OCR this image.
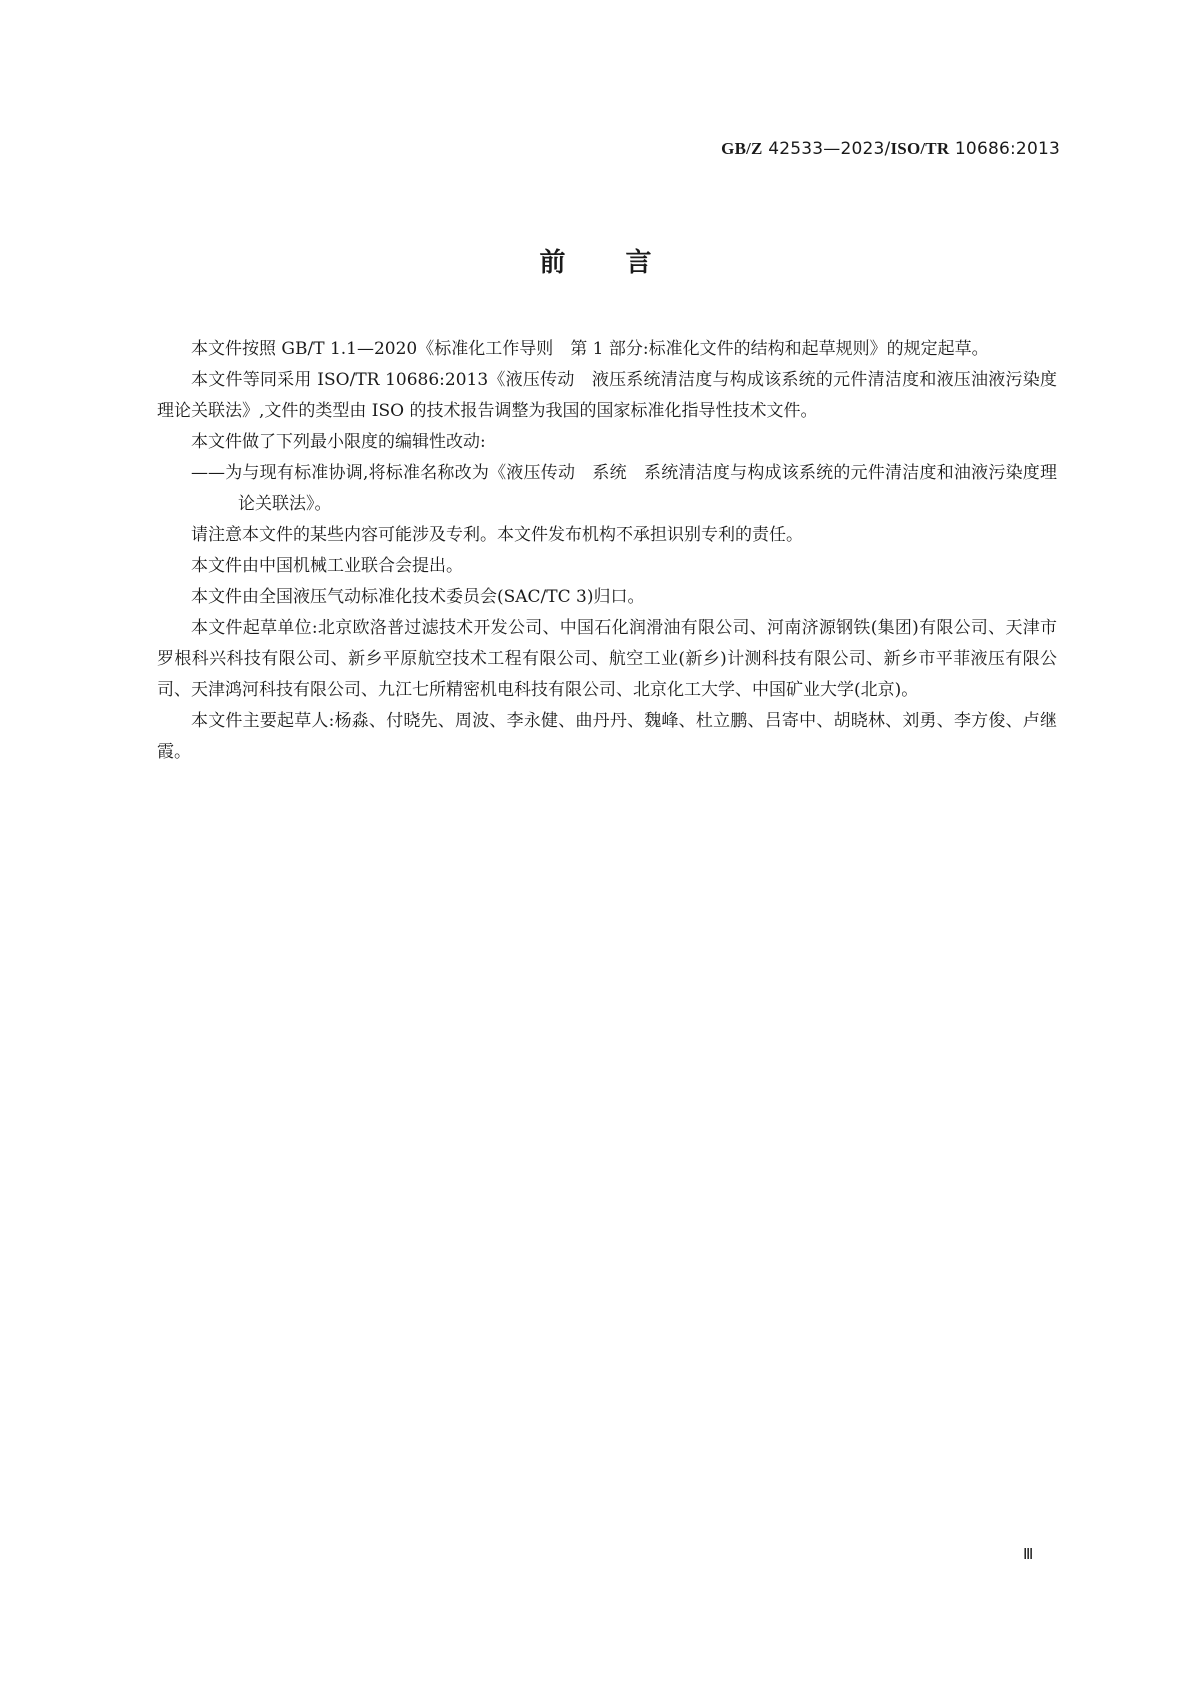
GB/Z 42533—2023/ISO/TR 10686:2013
前言

本文件按照 GB/T 1.1—2020《标准化工作导则　第 1 部分:标准化文件的结构和起草规则》的规定起草。

本文件等同采用 ISO/TR 10686:2013《液压传动　液压系统清洁度与构成该系统的元件清洁度和液压油液污染度理论关联法》,文件的类型由 ISO 的技术报告调整为我国的国家标准化指导性技术文件。

本文件做了下列最小限度的编辑性改动:

——为与现有标准协调,将标准名称改为《液压传动　系统　系统清洁度与构成该系统的元件清洁度和油液污染度理论关联法》。

请注意本文件的某些内容可能涉及专利。本文件发布机构不承担识别专利的责任。

本文件由中国机械工业联合会提出。

本文件由全国液压气动标准化技术委员会(SAC/TC 3)归口。

本文件起草单位:北京欧洛普过滤技术开发公司、中国石化润滑油有限公司、河南济源钢铁(集团)有限公司、天津市罗根科兴科技有限公司、新乡平原航空技术工程有限公司、航空工业(新乡)计测科技有限公司、新乡市平菲液压有限公司、天津鸿河科技有限公司、九江七所精密机电科技有限公司、北京化工大学、中国矿业大学(北京)。

本文件主要起草人:杨淼、付晓先、周波、李永健、曲丹丹、魏峰、杜立鹏、吕寄中、胡晓林、刘勇、李方俊、卢继霞。

Ⅲ
